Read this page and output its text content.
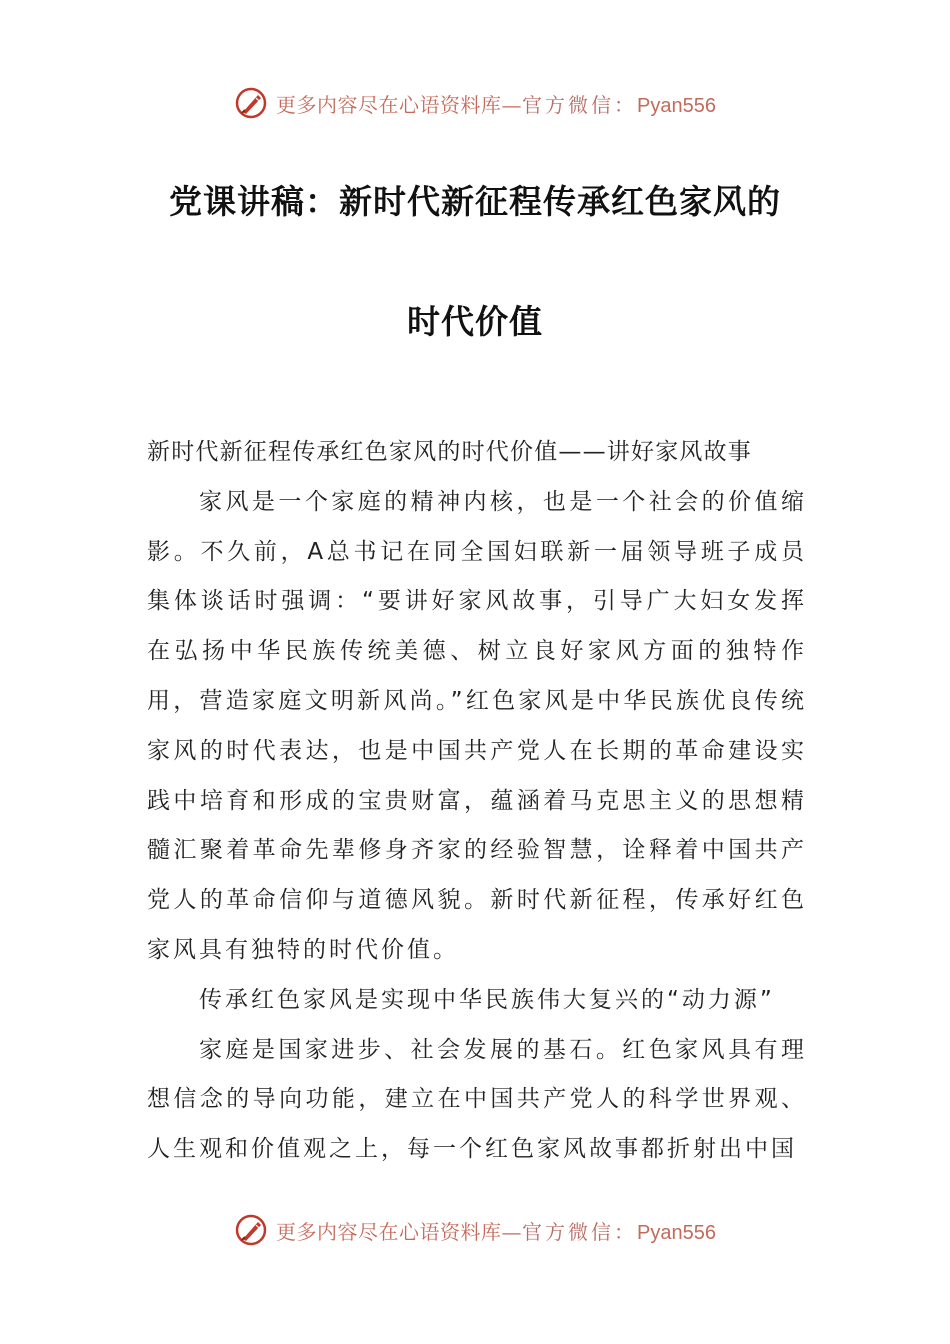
更多内容尽在心语资料库—官方微信：Pyan556
党课讲稿：新时代新征程传承红色家风的
时代价值

新时代新征程传承红色家风的时代价值——讲好家风故事

家风是一个家庭的精神内核，也是一个社会的价值缩影。不久前，A总书记在同全国妇联新一届领导班子成员集体谈话时强调：“要讲好家风故事，引导广大妇女发挥在弘扬中华民族传统美德、树立良好家风方面的独特作用，营造家庭文明新风尚。”红色家风是中华民族优良传统家风的时代表达，也是中国共产党人在长期的革命建设实践中培育和形成的宝贵财富，蕴涵着马克思主义的思想精髓汇聚着革命先辈修身齐家的经验智慧，诠释着中国共产党人的革命信仰与道德风貌。新时代新征程，传承好红色家风具有独特的时代价值。

传承红色家风是实现中华民族伟大复兴的“动力源”

家庭是国家进步、社会发展的基石。红色家风具有理想信念的导向功能，建立在中国共产党人的科学世界观、人生观和价值观之上，每一个红色家风故事都折射出中国

更多内容尽在心语资料库—官方微信：Pyan556
